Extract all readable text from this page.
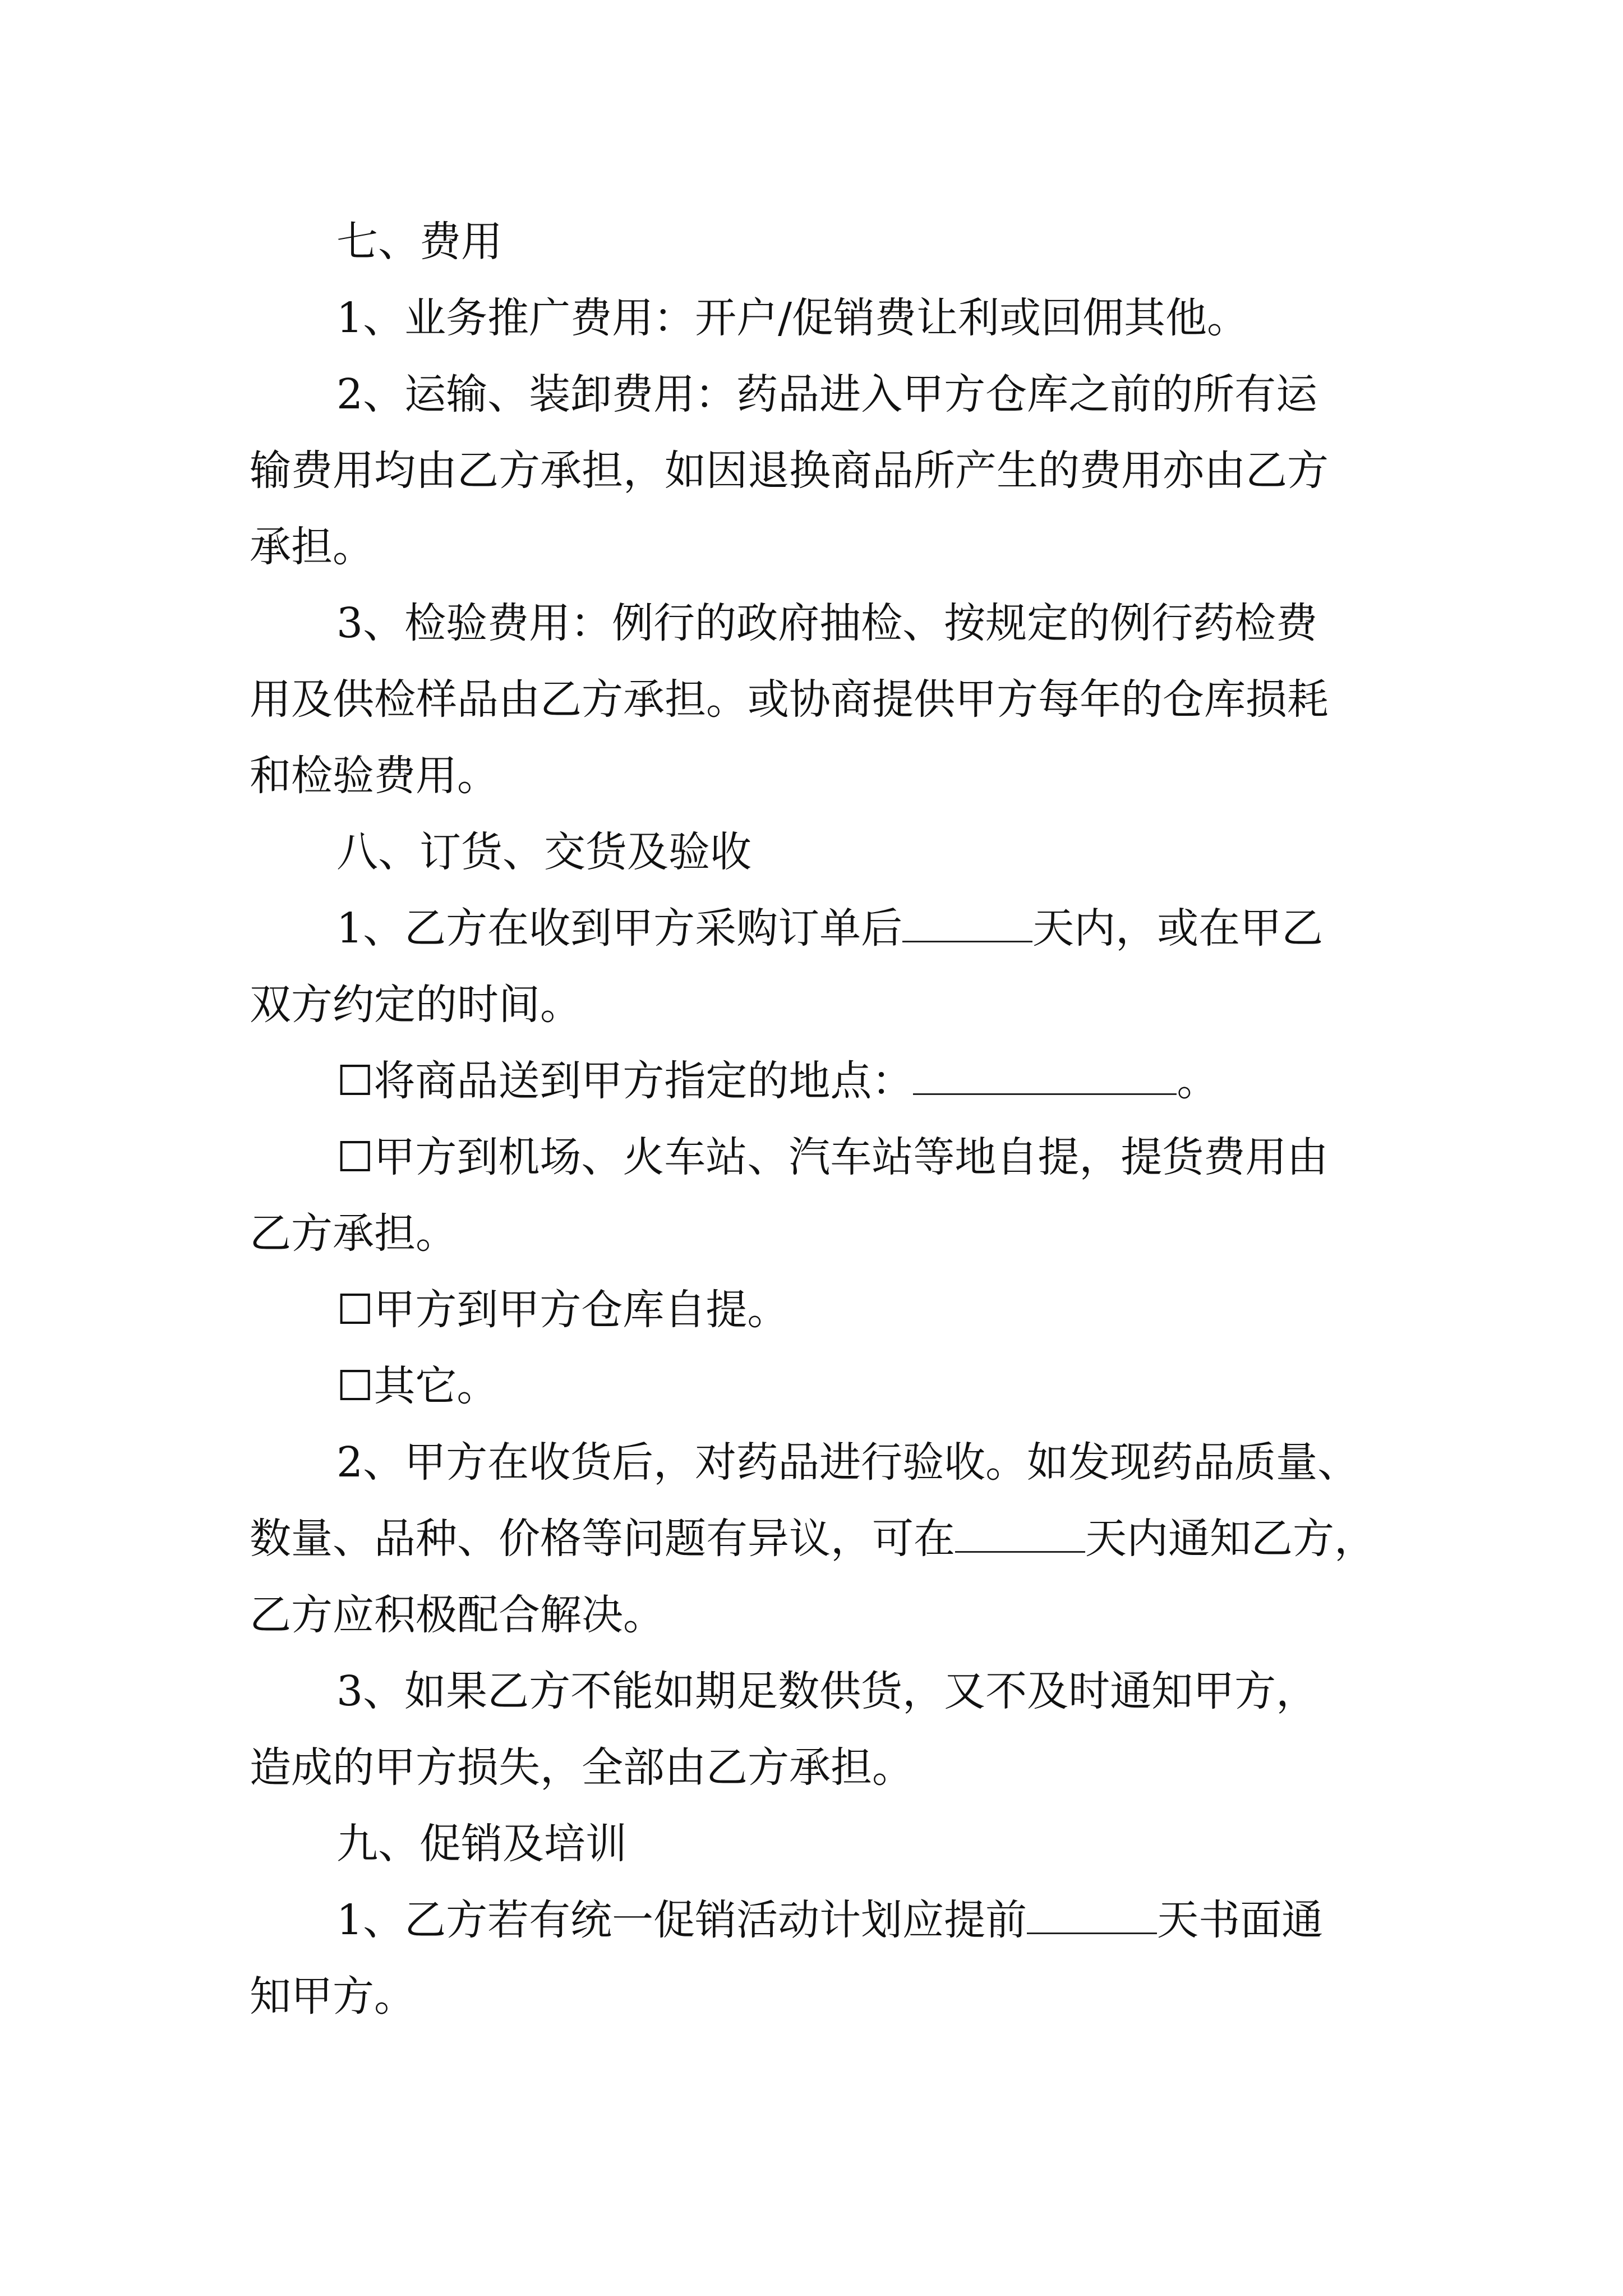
七、费用
1、业务推广费用：开户/促销费让利或回佣其他。
2、运输、装卸费用：药品进入甲方仓库之前的所有运
输费用均由乙方承担，如因退换商品所产生的费用亦由乙方
承担。
3、检验费用：例行的政府抽检、按规定的例行药检费
用及供检样品由乙方承担。或协商提供甲方每年的仓库损耗
和检验费用。
八、订货、交货及验收
1、乙方在收到甲方采购订单后	天内，或在甲乙
双方约定的时间。
☐将商品送到甲方指定的地点：	。
☐甲方到机场、火车站、汽车站等地自提，提货费用由
乙方承担。
☐甲方到甲方仓库自提。
☐其它。
2、甲方在收货后，对药品进行验收。如发现药品质量、
数量、品种、价格等问题有异议，可在	天内通知乙方，
乙方应积极配合解决。
3、如果乙方不能如期足数供货，又不及时通知甲方，
造成的甲方损失，全部由乙方承担。
九、促销及培训
1、乙方若有统一促销活动计划应提前	天书面通
知甲方。
